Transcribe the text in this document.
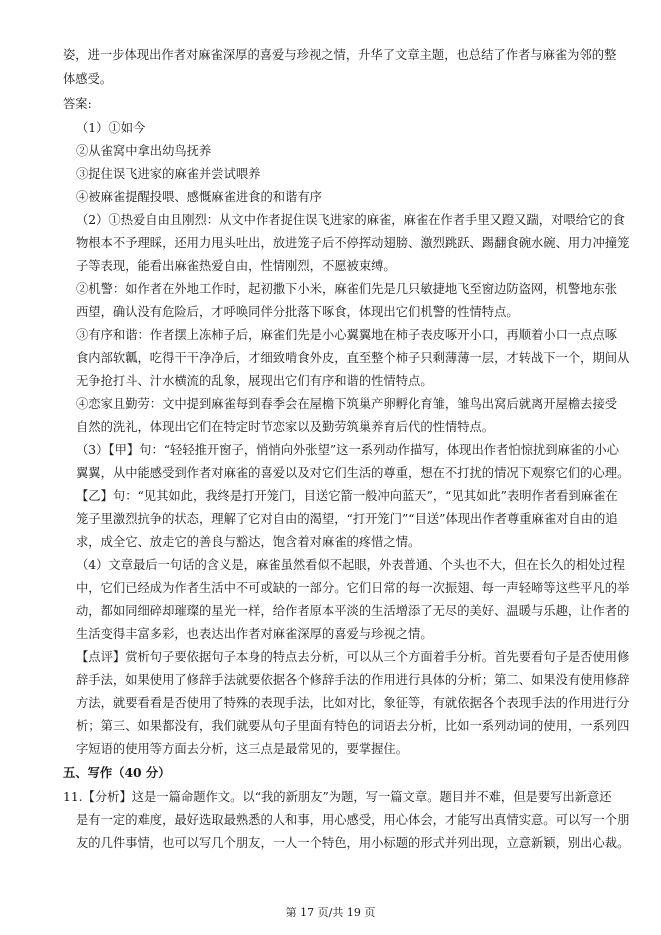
姿，进一步体现出作者对麻雀深厚的喜爱与珍视之情，升华了文章主题，也总结了作者与麻雀为邻的整
体感受。
答案:
（1）①如今
②从雀窝中拿出幼鸟抚养
③捉住误飞进家的麻雀并尝试喂养
④被麻雀提醒投喂、感慨麻雀进食的和谐有序
（2）①热爱自由且刚烈：从文中作者捉住误飞进家的麻雀，麻雀在作者手里又蹬又踹，对喂给它的食
物根本不予理睬，还用力甩头吐出，放进笼子后不停挥动翅膀、激烈跳跃、踢翻食碗水碗、用力冲撞笼
子等表现，能看出麻雀热爱自由，性情刚烈，不愿被束缚。
②机警：如作者在外地工作时，起初撒下小米，麻雀们先是几只敏捷地飞至窗边防盗网，机警地东张
西望，确认没有危险后，才呼唤同伴分批落下啄食，体现出它们机警的性情特点。
③有序和谐：作者摆上冻柿子后，麻雀们先是小心翼翼地在柿子表皮啄开小口，再顺着小口一点点啄
食内部软瓤，吃得干干净净后，才细致啃食外皮，直至整个柿子只剩薄薄一层，才转战下一个，期间从
无争抢打斗、汁水横流的乱象，展现出它们有序和谐的性情特点。
④恋家且勤劳：文中提到麻雀每到春季会在屋檐下筑巢产卵孵化育雏，雏鸟出窝后就离开屋檐去接受
自然的洗礼，体现出它们在特定时节恋家以及勤劳筑巢养育后代的性情特点。
（3）【甲】句：“轻轻推开窗子，悄悄向外张望”这一系列动作描写，体现出作者怕惊扰到麻雀的小心
翼翼，从中能感受到作者对麻雀的喜爱以及对它们生活的尊重，想在不打扰的情况下观察它们的心理。
【乙】句：“见其如此，我终是打开笼门，目送它箭一般冲向蓝天”，“见其如此”表明作者看到麻雀在
笼子里激烈抗争的状态，理解了它对自由的渴望，“打开笼门”“目送”体现出作者尊重麻雀对自由的追
求，成全它、放走它的善良与豁达，饱含着对麻雀的疼惜之情。
（4）文章最后一句话的含义是，麻雀虽然看似不起眼，外表普通、个头也不大，但在长久的相处过程
中，它们已经成为作者生活中不可或缺的一部分。它们日常的每一次振翅、每一声轻啼等这些平凡的举
动，都如同细碎却璀璨的星光一样，给作者原本平淡的生活增添了无尽的美好、温暖与乐趣，让作者的
生活变得丰富多彩，也表达出作者对麻雀深厚的喜爱与珍视之情。
【点评】赏析句子要依据句子本身的特点去分析，可以从三个方面着手分析。首先要看句子是否使用修
辞手法，如果使用了修辞手法就要依据各个修辞手法的作用进行具体的分析；第二、如果没有使用修辞
方法，就要看看是否使用了特殊的表现手法，比如对比，象征等，有就依据各个表现手法的作用进行分
析；第三、如果都没有，我们就要从句子里面有特色的词语去分析，比如一系列动词的使用，一系列四
字短语的使用等方面去分析，这三点是最常见的，要掌握住。
五、写作（40 分）
11.【分析】这是一篇命题作文。以“我的新朋友”为题，写一篇文章。题目并不难，但是要写出新意还
是有一定的难度，最好选取最熟悉的人和事，用心感受，用心体会，才能写出真情实意。可以写一个朋
友的几件事情，也可以写几个朋友，一人一个特色，用小标题的形式并列出现，立意新颖，别出心裁。
第 17 页/共 19 页
